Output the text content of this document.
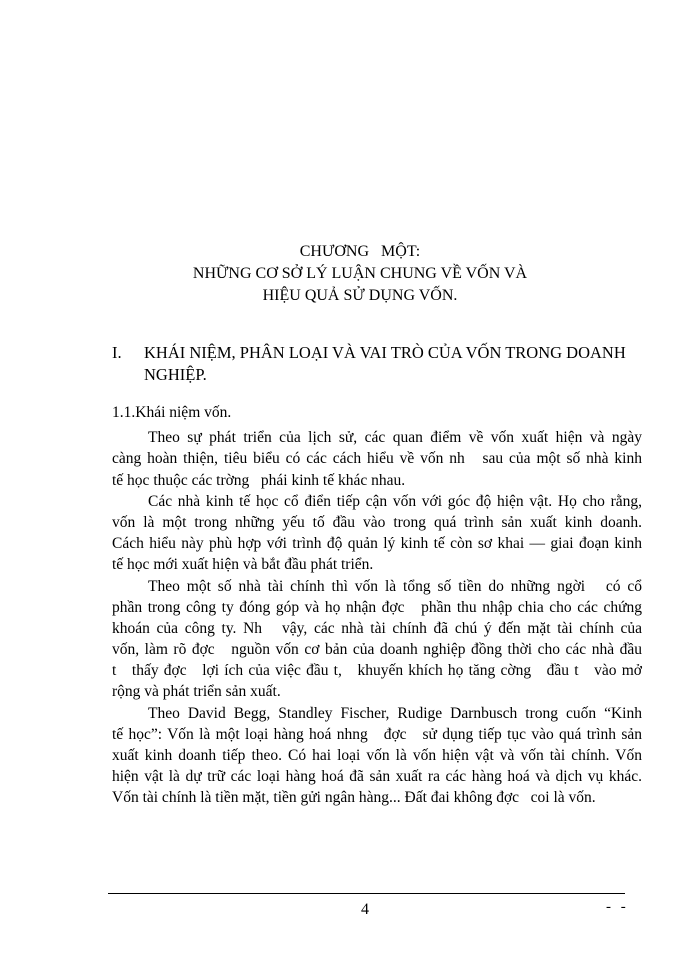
CHƯƠNG   MỘT:
NHỮNG CƠ SỞ LÝ LUẬN CHUNG VỀ VỐN VÀ
HIỆU QUẢ SỬ DỤNG VỐN.
I. KHÁI NIỆM, PHÂN LOẠI VÀ VAI TRÒ CỦA VỐN TRONG DOANH
NGHIỆP.
1.1.Khái niệm vốn.
Theo sự phát triển của lịch sử, các quan điểm về vốn xuất hiện và ngày
càng hoàn thiện, tiêu biểu có các cách hiểu về vốn nh   sau của một số nhà kinh
tế học thuộc các trờng   phái kinh tế khác nhau.
Các nhà kinh tế học cổ điển tiếp cận vốn với góc độ hiện vật. Họ cho rằng,
vốn là một trong những yếu tố đầu vào trong quá trình sản xuất kinh doanh.
Cách hiểu này phù hợp với trình độ quản lý kinh tế còn sơ khai — giai đoạn kinh
tế học mới xuất hiện và bắt đầu phát triển.
Theo một số nhà tài chính thì vốn là tổng số tiền do những ngời   có cổ
phần trong công ty đóng góp và họ nhận đợc   phần thu nhập chia cho các chứng
khoán của công ty. Nh   vậy, các nhà tài chính đã chú ý đến mặt tài chính của
vốn, làm rõ đợc   nguồn vốn cơ bản của doanh nghiệp đồng thời cho các nhà đầu
t   thấy đợc   lợi ích của việc đầu t,   khuyến khích họ tăng cờng   đầu t   vào mở
rộng và phát triển sản xuất.
Theo David Begg, Standley Fischer, Rudige Darnbusch trong cuốn “Kinh
tế học”: Vốn là một loại hàng hoá nhng   đợc   sử dụng tiếp tục vào quá trình sản
xuất kinh doanh tiếp theo. Có hai loại vốn là vốn hiện vật và vốn tài chính. Vốn
hiện vật là dự trữ các loại hàng hoá đã sản xuất ra các hàng hoá và dịch vụ khác.
Vốn tài chính là tiền mặt, tiền gửi ngân hàng... Đất đai không đợc   coi là vốn.
4	- -
